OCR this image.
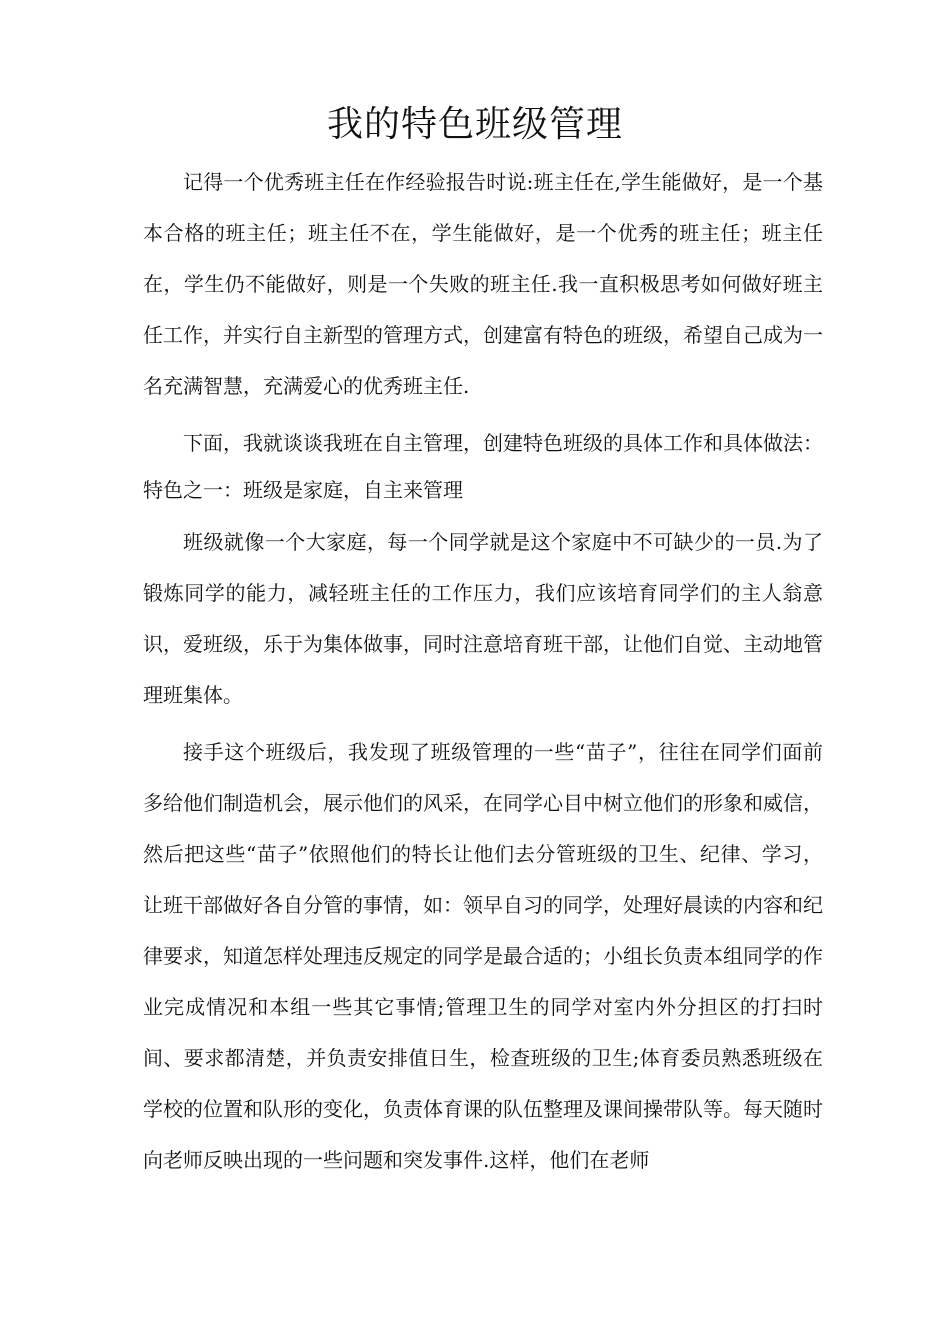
我的特色班级管理

记得一个优秀班主任在作经验报告时说:班主任在,学生能做好，是一个基本合格的班主任；班主任不在，学生能做好，是一个优秀的班主任；班主任在，学生仍不能做好，则是一个失败的班主任.我一直积极思考如何做好班主任工作，并实行自主新型的管理方式，创建富有特色的班级，希望自己成为一名充满智慧，充满爱心的优秀班主任.

下面，我就谈谈我班在自主管理，创建特色班级的具体工作和具体做法：

特色之一：班级是家庭，自主来管理

班级就像一个大家庭，每一个同学就是这个家庭中不可缺少的一员.为了锻炼同学的能力，减轻班主任的工作压力，我们应该培育同学们的主人翁意识，爱班级，乐于为集体做事，同时注意培育班干部，让他们自觉、主动地管理班集体。

接手这个班级后，我发现了班级管理的一些“苗子”，往往在同学们面前多给他们制造机会，展示他们的风采，在同学心目中树立他们的形象和威信，然后把这些“苗子”依照他们的特长让他们去分管班级的卫生、纪律、学习，让班干部做好各自分管的事情，如：领早自习的同学，处理好晨读的内容和纪律要求，知道怎样处理违反规定的同学是最合适的；小组长负责本组同学的作业完成情况和本组一些其它事情;管理卫生的同学对室内外分担区的打扫时间、要求都清楚，并负责安排值日生，检查班级的卫生;体育委员熟悉班级在学校的位置和队形的变化，负责体育课的队伍整理及课间操带队等。每天随时向老师反映出现的一些问题和突发事件.这样，他们在老师
